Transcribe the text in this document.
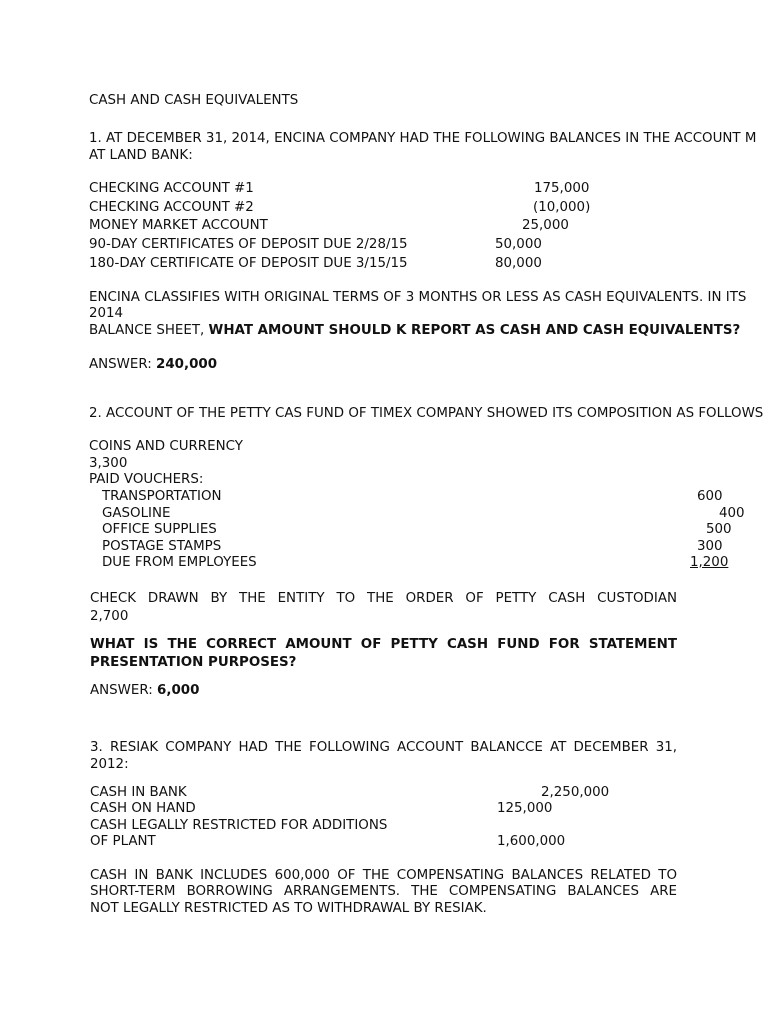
CASH AND CASH EQUIVALENTS
1. AT DECEMBER 31, 2014, ENCINA COMPANY HAD THE FOLLOWING BALANCES IN THE ACCOUNT M
AT LAND BANK:
CHECKING ACCOUNT #1	175,000
CHECKING ACCOUNT #2	(10,000)
MONEY MARKET ACCOUNT	25,000
90-DAY CERTIFICATES OF DEPOSIT DUE 2/28/15	50,000
180-DAY CERTIFICATE OF DEPOSIT DUE 3/15/15	80,000
ENCINA CLASSIFIES WITH ORIGINAL TERMS OF 3 MONTHS OR LESS AS CASH EQUIVALENTS. IN ITS
2014
BALANCE SHEET, WHAT AMOUNT SHOULD K REPORT AS CASH AND CASH EQUIVALENTS?
ANSWER: 240,000
2. ACCOUNT OF THE PETTY CAS FUND OF TIMEX COMPANY SHOWED ITS COMPOSITION AS FOLLOWS
COINS AND CURRENCY
3,300
PAID VOUCHERS:
TRANSPORTATION	600
GASOLINE	400
OFFICE SUPPLIES	500
POSTAGE STAMPS	300
DUE FROM EMPLOYEES	1,200
CHECK DRAWN BY THE ENTITY TO THE ORDER OF PETTY CASH CUSTODIAN
2,700
WHAT IS THE CORRECT AMOUNT OF PETTY CASH FUND FOR STATEMENT
PRESENTATION PURPOSES?
ANSWER: 6,000
3. RESIAK COMPANY HAD THE FOLLOWING ACCOUNT BALANCCE AT DECEMBER 31,
2012:
CASH IN BANK	2,250,000
CASH ON HAND	125,000
CASH LEGALLY RESTRICTED FOR ADDITIONS
OF PLANT	1,600,000
CASH IN BANK INCLUDES 600,000 OF THE COMPENSATING BALANCES RELATED TO
SHORT-TERM BORROWING ARRANGEMENTS. THE COMPENSATING BALANCES ARE
NOT LEGALLY RESTRICTED AS TO WITHDRAWAL BY RESIAK.
